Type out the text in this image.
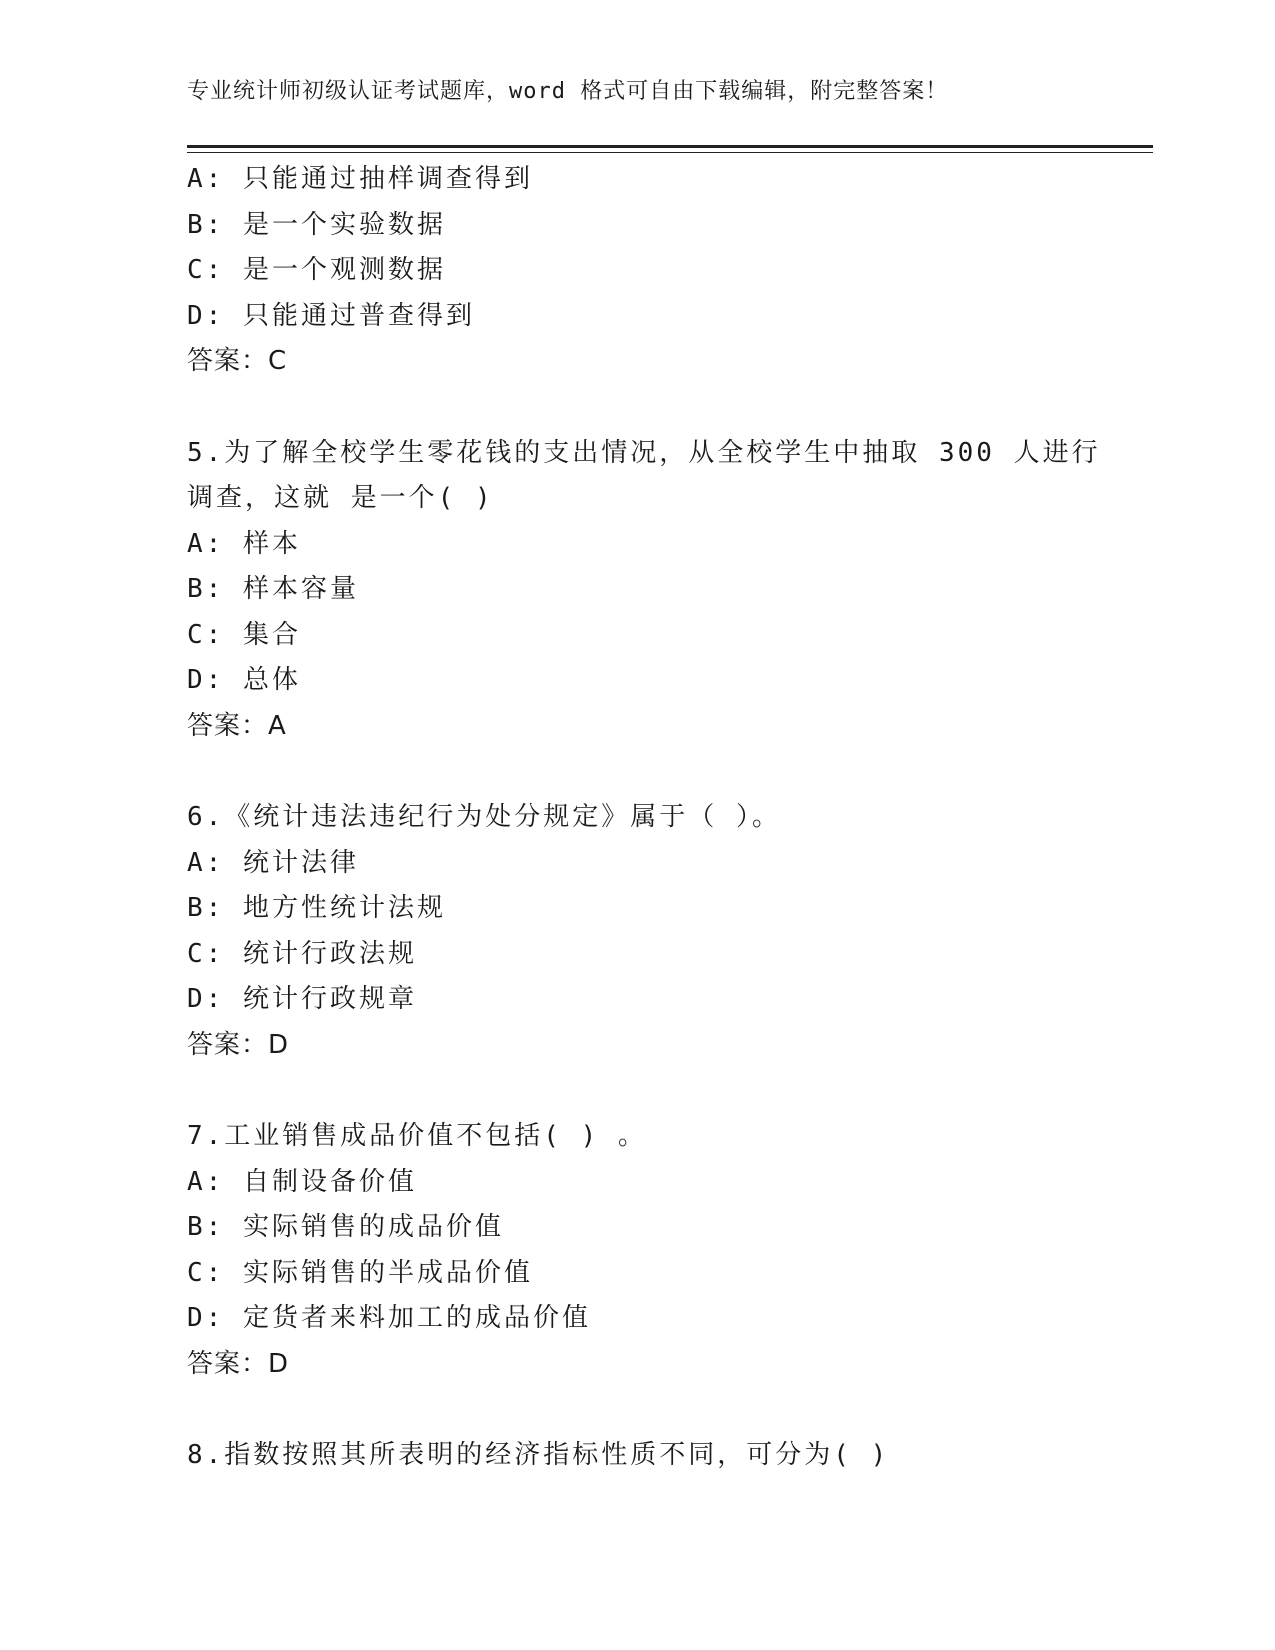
专业统计师初级认证考试题库，word 格式可自由下载编辑，附完整答案！
A: 只能通过抽样调查得到
B: 是一个实验数据
C: 是一个观测数据
D: 只能通过普查得到
答案：C
5.为了解全校学生零花钱的支出情况，从全校学生中抽取 300 人进行
调查，这就 是一个( )
A: 样本
B: 样本容量
C: 集合
D: 总体
答案：A
6.《统计违法违纪行为处分规定》属于（ ）。
A: 统计法律
B: 地方性统计法规
C: 统计行政法规
D: 统计行政规章
答案：D
7.工业销售成品价值不包括( ) 。
A: 自制设备价值
B: 实际销售的成品价值
C: 实际销售的半成品价值
D: 定货者来料加工的成品价值
答案：D
8.指数按照其所表明的经济指标性质不同，可分为( )
